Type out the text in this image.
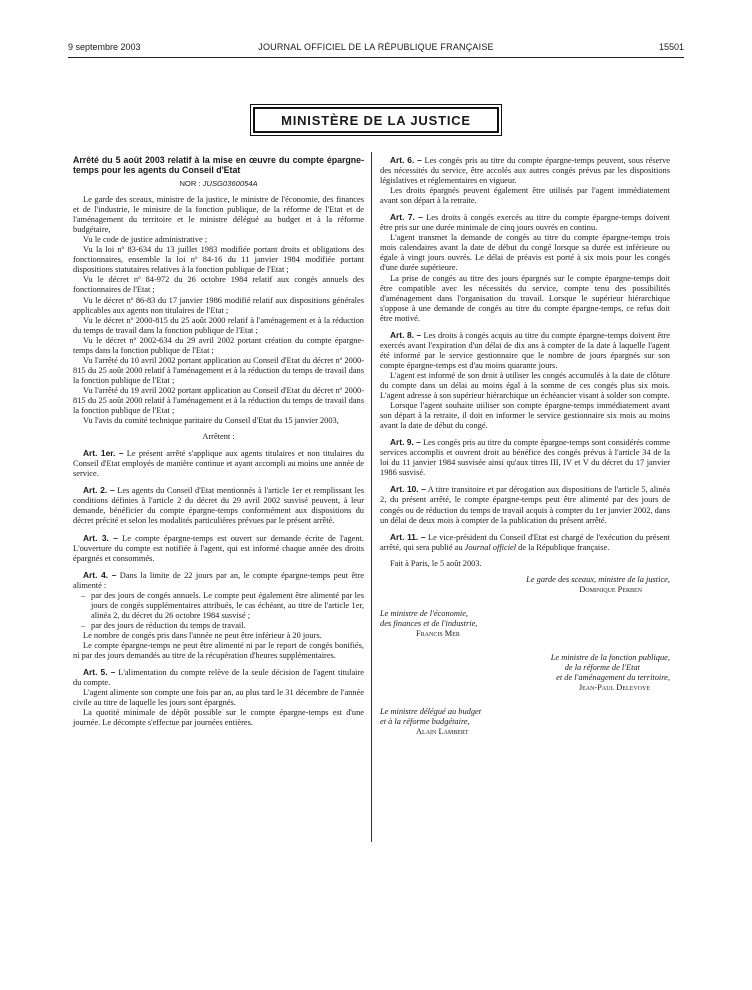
9 septembre 2003	JOURNAL OFFICIEL DE LA RÉPUBLIQUE FRANÇAISE	15501
MINISTÈRE DE LA JUSTICE

Arrêté du 5 août 2003 relatif à la mise en œuvre du compte épargne-temps pour les agents du Conseil d'Etat

NOR : JUSG0360054A

Le garde des sceaux, ministre de la justice, le ministre de l'économie, des finances et de l'industrie, le ministre de la fonction publique, de la réforme de l'Etat et de l'aménagement du territoire et le ministre délégué au budget et à la réforme budgétaire,

Vu le code de justice administrative ;

Vu la loi nº 83-634 du 13 juillet 1983 modifiée portant droits et obligations des fonctionnaires, ensemble la loi nº 84-16 du 11 janvier 1984 modifiée portant dispositions statutaires relatives à la fonction publique de l'Etat ;

Vu le décret nº 84-972 du 26 octobre 1984 relatif aux congés annuels des fonctionnaires de l'Etat ;

Vu le décret nº 86-83 du 17 janvier 1986 modifié relatif aux dispositions générales applicables aux agents non titulaires de l'Etat ;

Vu le décret nº 2000-815 du 25 août 2000 relatif à l'aménagement et à la réduction du temps de travail dans la fonction publique de l'Etat ;

Vu le décret nº 2002-634 du 29 avril 2002 portant création du compte épargne-temps dans la fonction publique de l'Etat ;

Vu l'arrêté du 10 avril 2002 portant application au Conseil d'Etat du décret nº 2000-815 du 25 août 2000 relatif à l'aménagement et à la réduction du temps de travail dans la fonction publique de l'Etat ;

Vu l'arrêté du 19 avril 2002 portant application au Conseil d'Etat du décret nº 2000-815 du 25 août 2000 relatif à l'aménagement et à la réduction du temps de travail dans la fonction publique de l'Etat ;

Vu l'avis du comité technique paritaire du Conseil d'Etat du 15 janvier 2003,

Arrêtent :

Art. 1er. – Le présent arrêté s'applique aux agents titulaires et non titulaires du Conseil d'Etat employés de manière continue et ayant accompli au moins une année de service.

Art. 2. – Les agents du Conseil d'Etat mentionnés à l'article 1er et remplissant les conditions définies à l'article 2 du décret du 29 avril 2002 susvisé peuvent, à leur demande, bénéficier du compte épargne-temps conformément aux dispositions du décret précité et selon les modalités particulières prévues par le présent arrêté.

Art. 3. – Le compte épargne-temps est ouvert sur demande écrite de l'agent. L'ouverture du compte est notifiée à l'agent, qui est informé chaque année des droits épargnés et consommés.

Art. 4. – Dans la limite de 22 jours par an, le compte épargne-temps peut être alimenté :

– par des jours de congés annuels. Le compte peut également être alimenté par les jours de congés supplémentaires attribués, le cas échéant, au titre de l'article 1er, alinéa 2, du décret du 26 octobre 1984 susvisé ;

– par des jours de réduction du temps de travail.

Le nombre de congés pris dans l'année ne peut être inférieur à 20 jours.

Le compte épargne-temps ne peut être alimenté ni par le report de congés bonifiés, ni par des jours demandés au titre de la récupération d'heures supplémentaires.

Art. 5. – L'alimentation du compte relève de la seule décision de l'agent titulaire du compte.

L'agent alimente son compte une fois par an, au plus tard le 31 décembre de l'année civile au titre de laquelle les jours sont épargnés.

La quotité minimale de dépôt possible sur le compte épargne-temps est d'une journée. Le décompte s'effectue par journées entières.

Art. 6. – Les congés pris au titre du compte épargne-temps peuvent, sous réserve des nécessités du service, être accolés aux autres congés prévus par les dispositions législatives et réglementaires en vigueur.

Les droits épargnés peuvent également être utilisés par l'agent immédiatement avant son départ à la retraite.

Art. 7. – Les droits à congés exercés au titre du compte épargne-temps doivent être pris sur une durée minimale de cinq jours ouvrés en continu.

L'agent transmet la demande de congés au titre du compte épargne-temps trois mois calendaires avant la date de début du congé lorsque sa durée est inférieure ou égale à vingt jours ouvrés. Le délai de préavis est porté à six mois pour les congés d'une durée supérieure.

La prise de congés au titre des jours épargnés sur le compte épargne-temps doit être compatible avec les nécessités du service, compte tenu des possibilités d'aménagement dans l'organisation du travail. Lorsque le supérieur hiérarchique s'oppose à une demande de congés au titre du compte épargne-temps, ce refus doit être motivé.

Art. 8. – Les droits à congés acquis au titre du compte épargne-temps doivent être exercés avant l'expiration d'un délai de dix ans à compter de la date à laquelle l'agent été informé par le service gestionnaire que le nombre de jours épargnés sur son compte épargne-temps est d'au moins quarante jours.

L'agent est informé de son droit à utiliser les congés accumulés à la date de clôture du compte dans un délai au moins égal à la somme de ces congés plus six mois. L'agent adresse à son supérieur hiérarchique un échéancier visant à solder son compte.

Lorsque l'agent souhaite utiliser son compte épargne-temps immédiatement avant son départ à la retraite, il doit en informer le service gestionnaire six mois au moins avant la date de début du congé.

Art. 9. – Les congés pris au titre du compte épargne-temps sont considérés comme services accomplis et ouvrent droit au bénéfice des congés prévus à l'article 34 de la loi du 11 janvier 1984 susvisée ainsi qu'aux titres III, IV et V du décret du 17 janvier 1986 susvisé.

Art. 10. – A titre transitoire et par dérogation aux dispositions de l'article 5, alinéa 2, du présent arrêté, le compte épargne-temps peut être alimenté par des jours de congés ou de réduction du temps de travail acquis à compter du 1er janvier 2002, dans un délai de deux mois à compter de la publication du présent arrêté.

Art. 11. – Le vice-président du Conseil d'Etat est chargé de l'exécution du présent arrêté, qui sera publié au Journal officiel de la République française.

Fait à Paris, le 5 août 2003.

Le garde des sceaux, ministre de la justice,

Dominique Perben

Le ministre de l'économie,

des finances et de l'industrie,

Francis Mer

Le ministre de la fonction publique,

de la réforme de l'Etat

et de l'aménagement du territoire,

Jean-Paul Delevoye

Le ministre délégué au budget

et à la réforme budgétaire,

Alain Lambert
